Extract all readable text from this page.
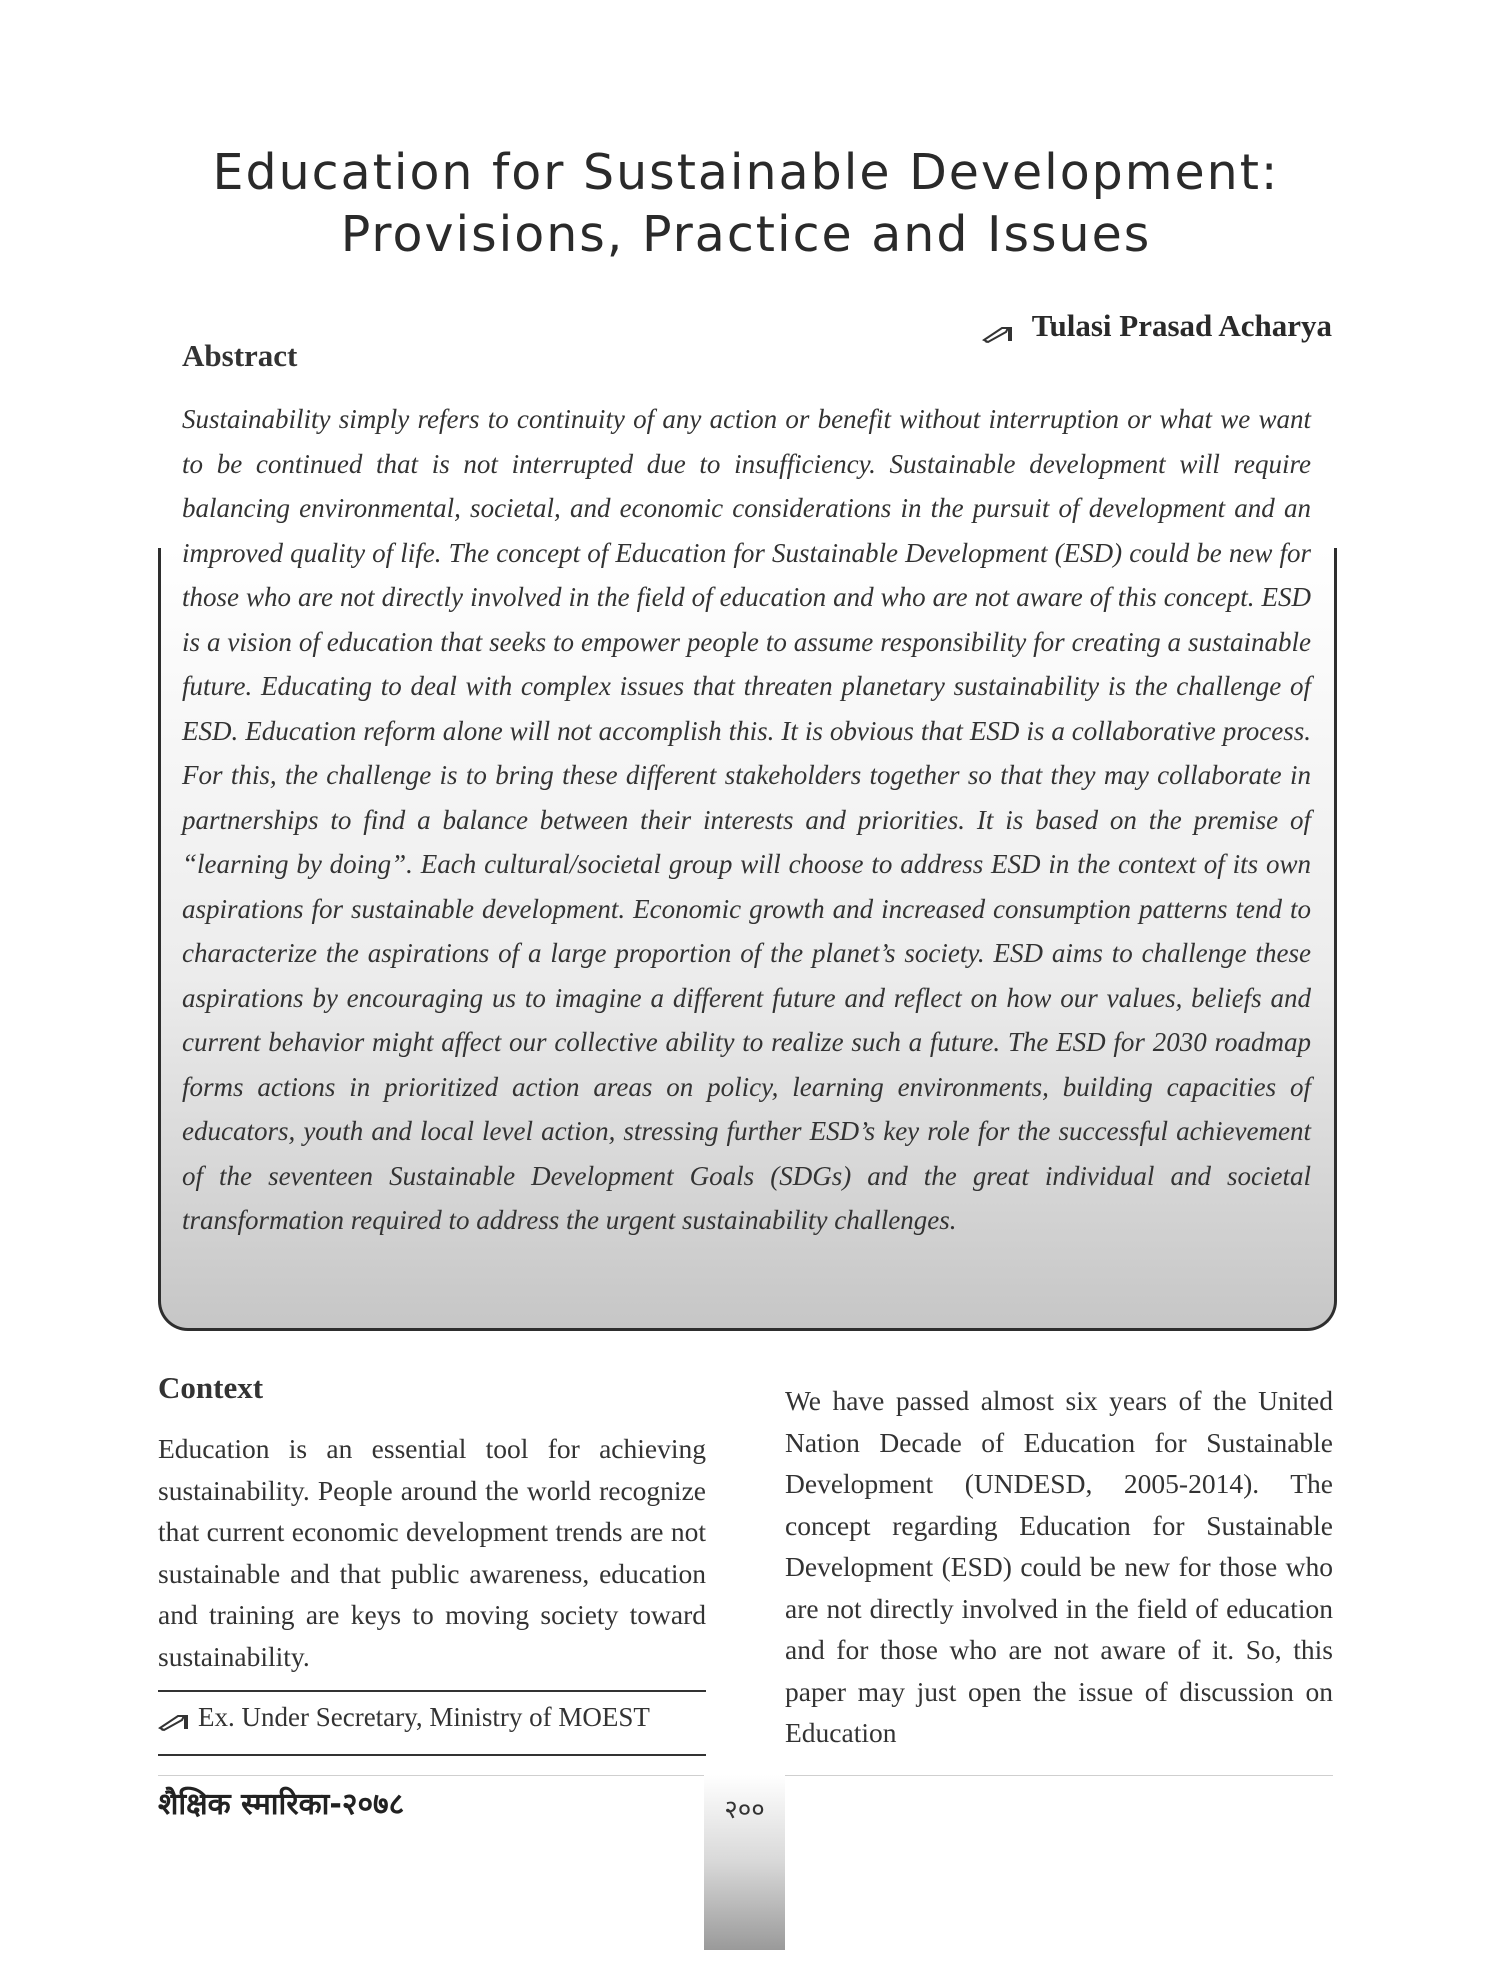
Education for Sustainable Development: Provisions, Practice and Issues
Tulasi Prasad Acharya
Abstract

Sustainability simply refers to continuity of any action or benefit without interruption or what we want to be continued that is not interrupted due to insufficiency. Sustainable development will require balancing environmental, societal, and economic considerations in the pursuit of development and an improved quality of life. The concept of Education for Sustainable Development (ESD) could be new for those who are not directly involved in the field of education and who are not aware of this concept. ESD is a vision of education that seeks to empower people to assume responsibility for creating a sustainable future. Educating to deal with complex issues that threaten planetary sustainability is the challenge of ESD. Education reform alone will not accomplish this. It is obvious that ESD is a collaborative process. For this, the challenge is to bring these different stakeholders together so that they may collaborate in partnerships to find a balance between their interests and priorities. It is based on the premise of “learning by doing”. Each cultural/societal group will choose to address ESD in the context of its own aspirations for sustainable development. Economic growth and increased consumption patterns tend to characterize the aspirations of a large proportion of the planet’s society. ESD aims to challenge these aspirations by encouraging us to imagine a different future and reflect on how our values, beliefs and current behavior might affect our collective ability to realize such a future. The ESD for 2030 roadmap forms actions in prioritized action areas on policy, learning environments, building capacities of educators, youth and local level action, stressing further ESD’s key role for the successful achievement of the seventeen Sustainable Development Goals (SDGs) and the great individual and societal transformation required to address the urgent sustainability challenges.

Context

Education is an essential tool for achieving sustainability. People around the world recognize that current economic development trends are not sustainable and that public awareness, education and training are keys to moving society toward sustainability.

We have passed almost six years of the United Nation Decade of Education for Sustainable Development (UNDESD, 2005-2014). The concept regarding Education for Sustainable Development (ESD) could be new for those who are not directly involved in the field of education and for those who are not aware of it. So, this paper may just open the issue of discussion on Education

Ex. Under Secretary, Ministry of MOEST
शैक्षिक स्मारिका-२०७८	२००
